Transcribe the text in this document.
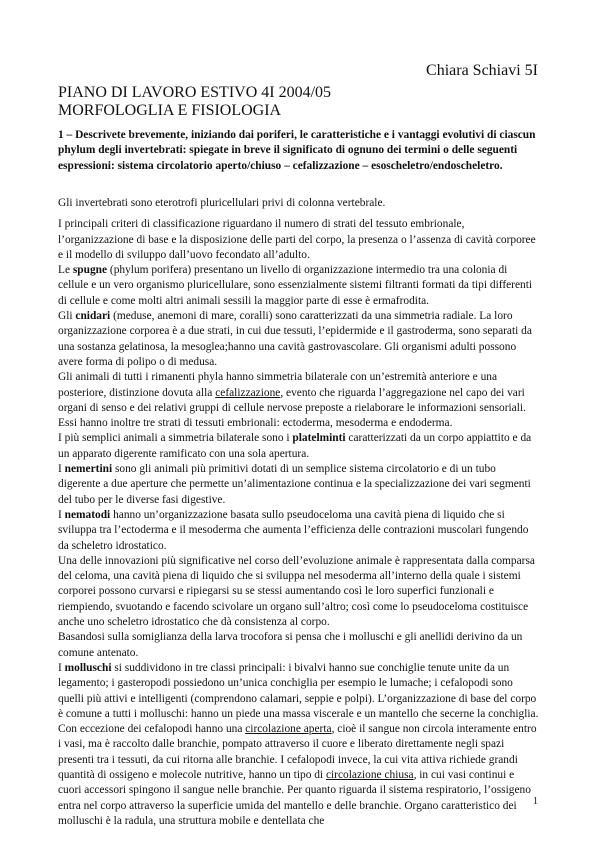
Chiara Schiavi 5I

PIANO DI LAVORO ESTIVO 4I 2004/05
MORFOLOGLIA E FISIOLOGIA

1 – Descrivete brevemente, iniziando dai poriferi, le caratteristiche e i vantaggi evolutivi di ciascun phylum degli invertebrati: spiegate in breve il significato di ognuno dei termini o delle seguenti espressioni: sistema circolatorio aperto/chiuso – cefalizzazione – esoscheletro/endoscheletro.

Gli invertebrati sono eterotrofi pluricellulari privi di colonna vertebrale.

I principali criteri di classificazione riguardano il numero di strati del tessuto embrionale, l’organizzazione di base e la disposizione delle parti del corpo, la presenza o l’assenza di cavità corporee e il modello di sviluppo dall’uovo fecondato all’adulto.

Le spugne (phylum porifera) presentano un livello di organizzazione intermedio tra una colonia di cellule e un vero organismo pluricellulare, sono essenzialmente sistemi filtranti formati da tipi differenti di cellule e come molti altri animali sessili la maggior parte di esse è ermafrodita.

Gli cnidari (meduse, anemoni di mare, coralli) sono caratterizzati da una simmetria radiale. La loro organizzazione corporea è a due strati, in cui due tessuti, l’epidermide e il gastroderma, sono separati da una sostanza gelatinosa, la mesoglea;hanno una cavità gastrovascolare. Gli organismi adulti possono avere forma di polipo o di medusa.

Gli animali di tutti i rimanenti phyla hanno simmetria bilaterale con un’estremità anteriore e una posteriore, distinzione dovuta alla cefalizzazione, evento che riguarda l’aggregazione nel capo dei vari organi di senso e dei relativi gruppi di cellule nervose preposte a rielaborare le informazioni sensoriali. Essi hanno inoltre tre strati di tessuti embrionali: ectoderma, mesoderma e endoderma.

I più semplici animali a simmetria bilaterale sono i platelminti caratterizzati da un corpo appiattito e da un apparato digerente ramificato con una sola apertura.

I nemertini sono gli animali più primitivi dotati di un semplice sistema circolatorio e di un tubo digerente a due aperture che permette un’alimentazione continua e la specializzazione dei vari segmenti del tubo per le diverse fasi digestive.

I nematodi hanno un’organizzazione basata sullo pseudoceloma una cavità piena di liquido che si sviluppa tra l’ectoderma e il mesoderma che aumenta l’efficienza delle contrazioni muscolari fungendo da scheletro idrostatico.

Una delle innovazioni più significative nel corso dell’evoluzione animale è rappresentata dalla comparsa del celoma, una cavità piena di liquido che si sviluppa nel mesoderma all’interno della quale i sistemi corporei possono curvarsi e ripiegarsi su se stessi aumentando così le loro superfici funzionali e riempiendo, svuotando e facendo scivolare un organo sull’altro; così come lo pseudoceloma costituisce anche uno scheletro idrostatico che dà consistenza al corpo.

Basandosi sulla somiglianza della larva trocofora si pensa che i molluschi e gli anellidi derivino da un comune antenato.

I molluschi si suddividono in tre classi principali: i bivalvi hanno sue conchiglie tenute unite da un legamento; i gasteropodi possiedono un’unica conchiglia per esempio le lumache; i cefalopodi sono quelli più attivi e intelligenti (comprendono calamari, seppie e polpi). L’organizzazione di base del corpo è comune a tutti i molluschi: hanno un piede una massa viscerale e un mantello che secerne la conchiglia. Con eccezione dei cefalopodi hanno una circolazione aperta, cioè il sangue non circola interamente entro i vasi, ma è raccolto dalle branchie, pompato attraverso il cuore e liberato direttamente negli spazi presenti tra i tessuti, da cui ritorna alle branchie. I cefalopodi invece, la cui vita attiva richiede grandi quantità di ossigeno e molecole nutritive, hanno un tipo di circolazione chiusa, in cui vasi continui e cuori accessori spingono il sangue nelle branchie. Per quanto riguarda il sistema respiratorio, l’ossigeno entra nel corpo attraverso la superficie umida del mantello e delle branchie. Organo caratteristico dei molluschi è la radula, una struttura mobile e dentellata che

1
